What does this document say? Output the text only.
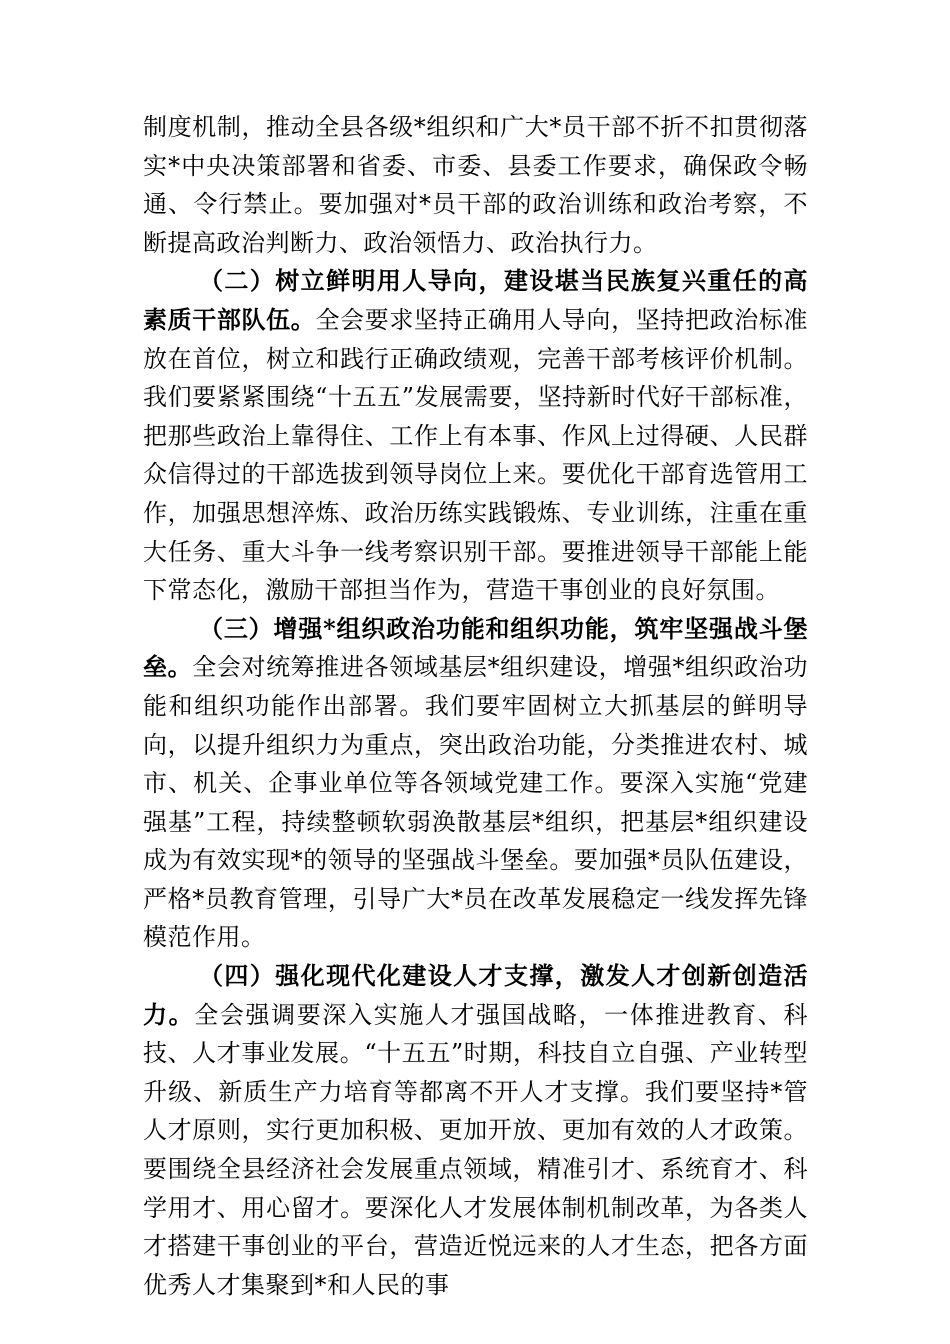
制度机制，推动全县各级*组织和广大*员干部不折不扣贯彻落实*中央决策部署和省委、市委、县委工作要求，确保政令畅通、令行禁止。要加强对*员干部的政治训练和政治考察，不断提高政治判断力、政治领悟力、政治执行力。

（二）树立鲜明用人导向，建设堪当民族复兴重任的高素质干部队伍。全会要求坚持正确用人导向，坚持把政治标准放在首位，树立和践行正确政绩观，完善干部考核评价机制。我们要紧紧围绕“十五五”发展需要，坚持新时代好干部标准，把那些政治上靠得住、工作上有本事、作风上过得硬、人民群众信得过的干部选拔到领导岗位上来。要优化干部育选管用工作，加强思想淬炼、政治历练实践锻炼、专业训练，注重在重大任务、重大斗争一线考察识别干部。要推进领导干部能上能下常态化，激励干部担当作为，营造干事创业的良好氛围。

（三）增强*组织政治功能和组织功能，筑牢坚强战斗堡垒。全会对统筹推进各领域基层*组织建设，增强*组织政治功能和组织功能作出部署。我们要牢固树立大抓基层的鲜明导向，以提升组织力为重点，突出政治功能，分类推进农村、城市、机关、企事业单位等各领域党建工作。要深入实施“党建强基”工程，持续整顿软弱涣散基层*组织，把基层*组织建设成为有效实现*的领导的坚强战斗堡垒。要加强*员队伍建设，严格*员教育管理，引导广大*员在改革发展稳定一线发挥先锋模范作用。

（四）强化现代化建设人才支撑，激发人才创新创造活力。全会强调要深入实施人才强国战略，一体推进教育、科技、人才事业发展。“十五五”时期，科技自立自强、产业转型升级、新质生产力培育等都离不开人才支撑。我们要坚持*管人才原则，实行更加积极、更加开放、更加有效的人才政策。要围绕全县经济社会发展重点领域，精准引才、系统育才、科学用才、用心留才。要深化人才发展体制机制改革，为各类人才搭建干事创业的平台，营造近悦远来的人才生态，把各方面优秀人才集聚到*和人民的事
